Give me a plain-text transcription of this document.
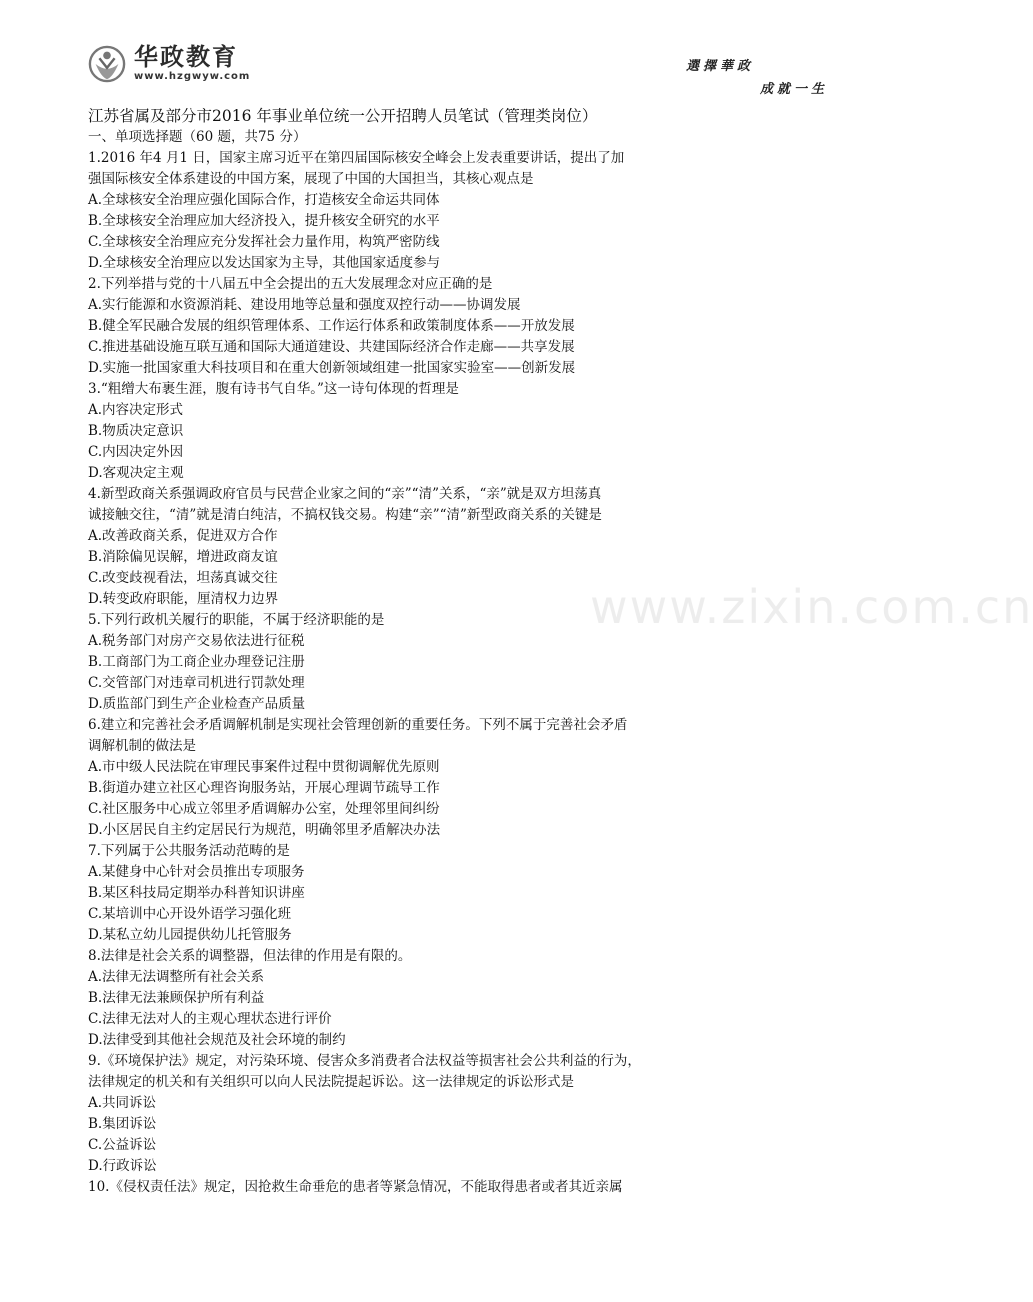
华政教育
www.hzgwyw.com
選擇華政
成就一生
www.zixin.com.cn
江苏省属及部分市2016 年事业单位统一公开招聘人员笔试（管理类岗位）
一、单项选择题（60 题，共75 分）
1.2016 年4 月1 日，国家主席习近平在第四届国际核安全峰会上发表重要讲话，提出了加
强国际核安全体系建设的中国方案，展现了中国的大国担当，其核心观点是
A.全球核安全治理应强化国际合作，打造核安全命运共同体
B.全球核安全治理应加大经济投入，提升核安全研究的水平
C.全球核安全治理应充分发挥社会力量作用，构筑严密防线
D.全球核安全治理应以发达国家为主导，其他国家适度参与
2.下列举措与党的十八届五中全会提出的五大发展理念对应正确的是
A.实行能源和水资源消耗、建设用地等总量和强度双控行动——协调发展
B.健全军民融合发展的组织管理体系、工作运行体系和政策制度体系——开放发展
C.推进基础设施互联互通和国际大通道建设、共建国际经济合作走廊——共享发展
D.实施一批国家重大科技项目和在重大创新领域组建一批国家实验室——创新发展
3.“粗缯大布裹生涯，腹有诗书气自华。”这一诗句体现的哲理是
A.内容决定形式
B.物质决定意识
C.内因决定外因
D.客观决定主观
4.新型政商关系强调政府官员与民营企业家之间的“亲”“清”关系，“亲”就是双方坦荡真
诚接触交往，“清”就是清白纯洁，不搞权钱交易。构建“亲”“清”新型政商关系的关键是
A.改善政商关系，促进双方合作
B.消除偏见误解，增进政商友谊
C.改变歧视看法，坦荡真诚交往
D.转变政府职能，厘清权力边界
5.下列行政机关履行的职能，不属于经济职能的是
A.税务部门对房产交易依法进行征税
B.工商部门为工商企业办理登记注册
C.交管部门对违章司机进行罚款处理
D.质监部门到生产企业检查产品质量
6.建立和完善社会矛盾调解机制是实现社会管理创新的重要任务。下列不属于完善社会矛盾
调解机制的做法是
A.市中级人民法院在审理民事案件过程中贯彻调解优先原则
B.街道办建立社区心理咨询服务站，开展心理调节疏导工作
C.社区服务中心成立邻里矛盾调解办公室，处理邻里间纠纷
D.小区居民自主约定居民行为规范，明确邻里矛盾解决办法
7.下列属于公共服务活动范畴的是
A.某健身中心针对会员推出专项服务
B.某区科技局定期举办科普知识讲座
C.某培训中心开设外语学习强化班
D.某私立幼儿园提供幼儿托管服务
8.法律是社会关系的调整器，但法律的作用是有限的。
A.法律无法调整所有社会关系
B.法律无法兼顾保护所有利益
C.法律无法对人的主观心理状态进行评价
D.法律受到其他社会规范及社会环境的制约
9.《环境保护法》规定，对污染环境、侵害众多消费者合法权益等损害社会公共利益的行为，
法律规定的机关和有关组织可以向人民法院提起诉讼。这一法律规定的诉讼形式是
A.共同诉讼
B.集团诉讼
C.公益诉讼
D.行政诉讼
10.《侵权责任法》规定，因抢救生命垂危的患者等紧急情况，不能取得患者或者其近亲属
